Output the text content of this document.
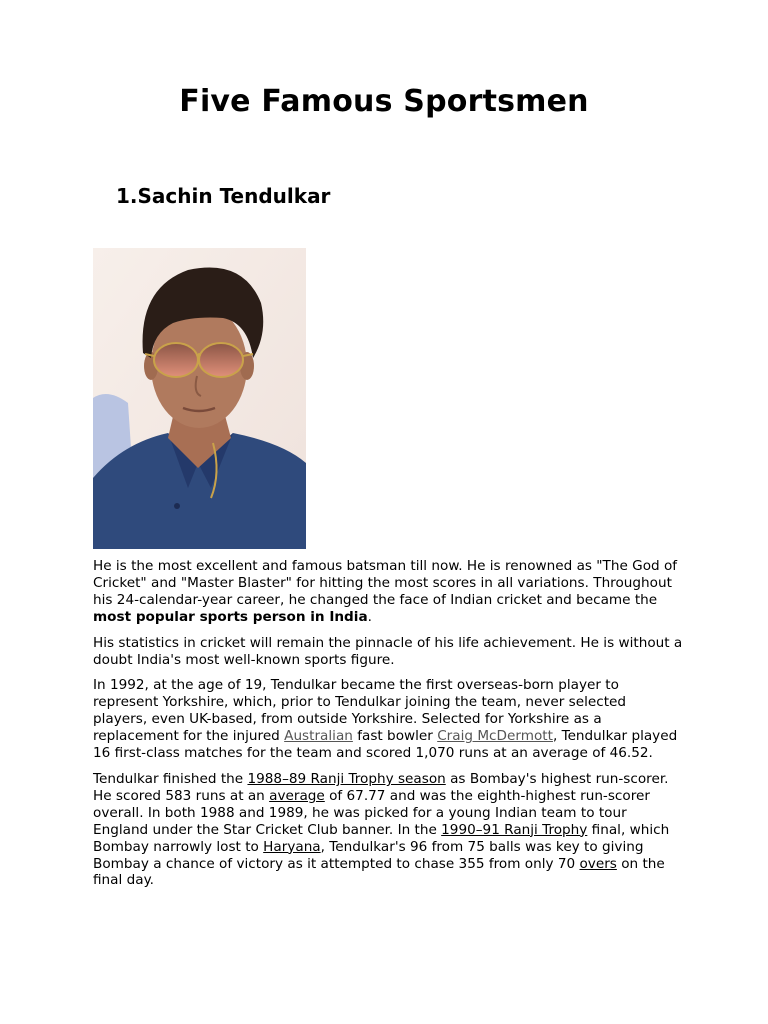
Five Famous Sportsmen
1.Sachin Tendulkar

He is the most excellent and famous batsman till now. He is renowned as "The God of Cricket" and "Master Blaster" for hitting the most scores in all variations. Throughout his 24-calendar-year career, he changed the face of Indian cricket and became the most popular sports person in India.

His statistics in cricket will remain the pinnacle of his life achievement. He is without a doubt India's most well-known sports figure.

In 1992, at the age of 19, Tendulkar became the first overseas-born player to represent Yorkshire, which, prior to Tendulkar joining the team, never selected players, even UK-based, from outside Yorkshire. Selected for Yorkshire as a replacement for the injured Australian fast bowler Craig McDermott, Tendulkar played 16 first-class matches for the team and scored 1,070 runs at an average of 46.52.

Tendulkar finished the 1988–89 Ranji Trophy season as Bombay's highest run-scorer. He scored 583 runs at an average of 67.77 and was the eighth-highest run-scorer overall. In both 1988 and 1989, he was picked for a young Indian team to tour England under the Star Cricket Club banner. In the 1990–91 Ranji Trophy final, which Bombay narrowly lost to Haryana, Tendulkar's 96 from 75 balls was key to giving Bombay a chance of victory as it attempted to chase 355 from only 70 overs on the final day.
